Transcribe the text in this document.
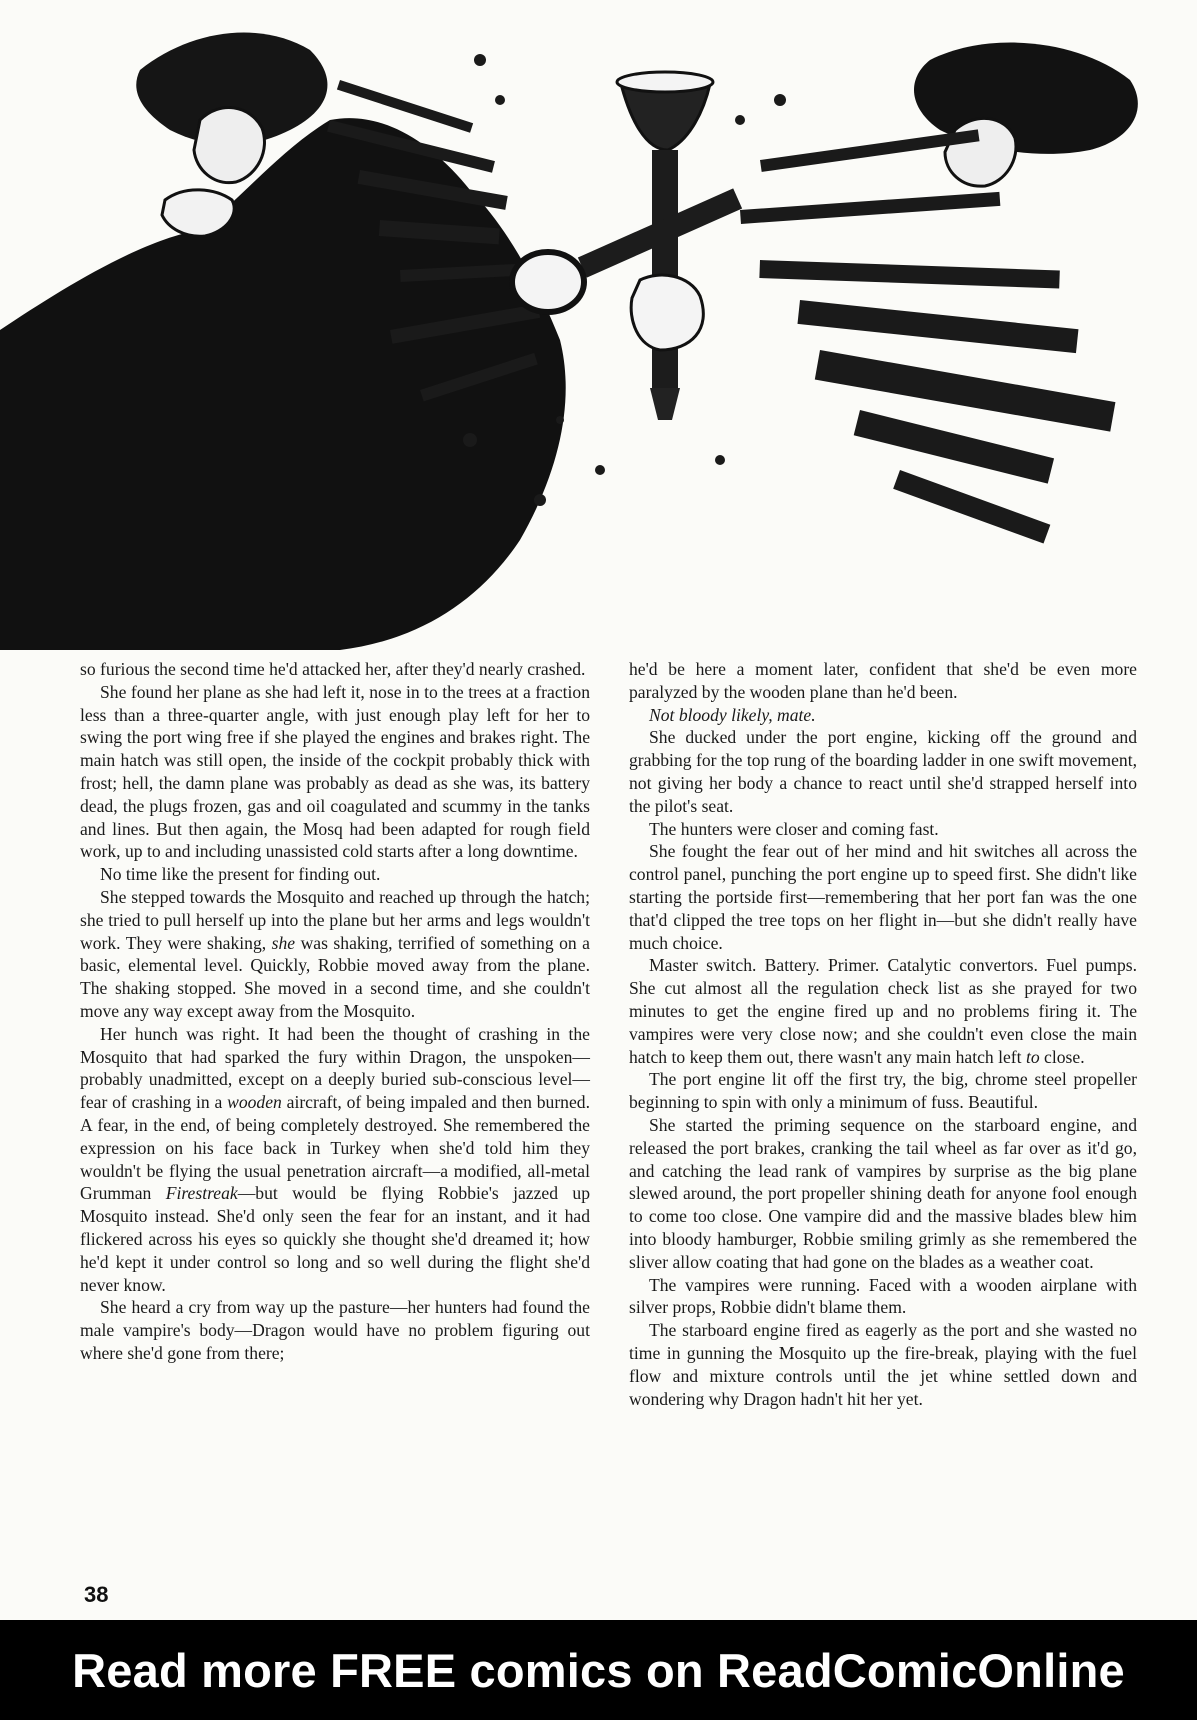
so furious the second time he'd attacked her, after they'd nearly crashed.

She found her plane as she had left it, nose in to the trees at a fraction less than a three-quarter angle, with just enough play left for her to swing the port wing free if she played the engines and brakes right. The main hatch was still open, the inside of the cockpit probably thick with frost; hell, the damn plane was probably as dead as she was, its battery dead, the plugs frozen, gas and oil coagulated and scummy in the tanks and lines. But then again, the Mosq had been adapted for rough field work, up to and including unassisted cold starts after a long downtime.

No time like the present for finding out.

She stepped towards the Mosquito and reached up through the hatch; she tried to pull herself up into the plane but her arms and legs wouldn't work. They were shaking, she was shaking, terrified of something on a basic, elemental level. Quickly, Robbie moved away from the plane. The shaking stopped. She moved in a second time, and she couldn't move any way except away from the Mosquito.

Her hunch was right. It had been the thought of crashing in the Mosquito that had sparked the fury within Dragon, the unspoken—probably unadmitted, except on a deeply buried sub-conscious level—fear of crashing in a wooden aircraft, of being impaled and then burned. A fear, in the end, of being completely destroyed. She remembered the expression on his face back in Turkey when she'd told him they wouldn't be flying the usual penetration aircraft—a modified, all-metal Grumman Firestreak—but would be flying Robbie's jazzed up Mosquito instead. She'd only seen the fear for an instant, and it had flickered across his eyes so quickly she thought she'd dreamed it; how he'd kept it under control so long and so well during the flight she'd never know.

She heard a cry from way up the pasture—her hunters had found the male vampire's body—Dragon would have no problem figuring out where she'd gone from there;

he'd be here a moment later, confident that she'd be even more paralyzed by the wooden plane than he'd been.

Not bloody likely, mate.

She ducked under the port engine, kicking off the ground and grabbing for the top rung of the boarding ladder in one swift movement, not giving her body a chance to react until she'd strapped herself into the pilot's seat.

The hunters were closer and coming fast.

She fought the fear out of her mind and hit switches all across the control panel, punching the port engine up to speed first. She didn't like starting the portside first—remembering that her port fan was the one that'd clipped the tree tops on her flight in—but she didn't really have much choice.

Master switch. Battery. Primer. Catalytic convertors. Fuel pumps. She cut almost all the regulation check list as she prayed for two minutes to get the engine fired up and no problems firing it. The vampires were very close now; and she couldn't even close the main hatch to keep them out, there wasn't any main hatch left to close.

The port engine lit off the first try, the big, chrome steel propeller beginning to spin with only a minimum of fuss. Beautiful.

She started the priming sequence on the starboard engine, and released the port brakes, cranking the tail wheel as far over as it'd go, and catching the lead rank of vampires by surprise as the big plane slewed around, the port propeller shining death for anyone fool enough to come too close. One vampire did and the massive blades blew him into bloody hamburger, Robbie smiling grimly as she remembered the sliver allow coating that had gone on the blades as a weather coat.

The vampires were running. Faced with a wooden airplane with silver props, Robbie didn't blame them.

The starboard engine fired as eagerly as the port and she wasted no time in gunning the Mosquito up the fire-break, playing with the fuel flow and mixture controls until the jet whine settled down and wondering why Dragon hadn't hit her yet.

38
Read more FREE comics on ReadComicOnline
